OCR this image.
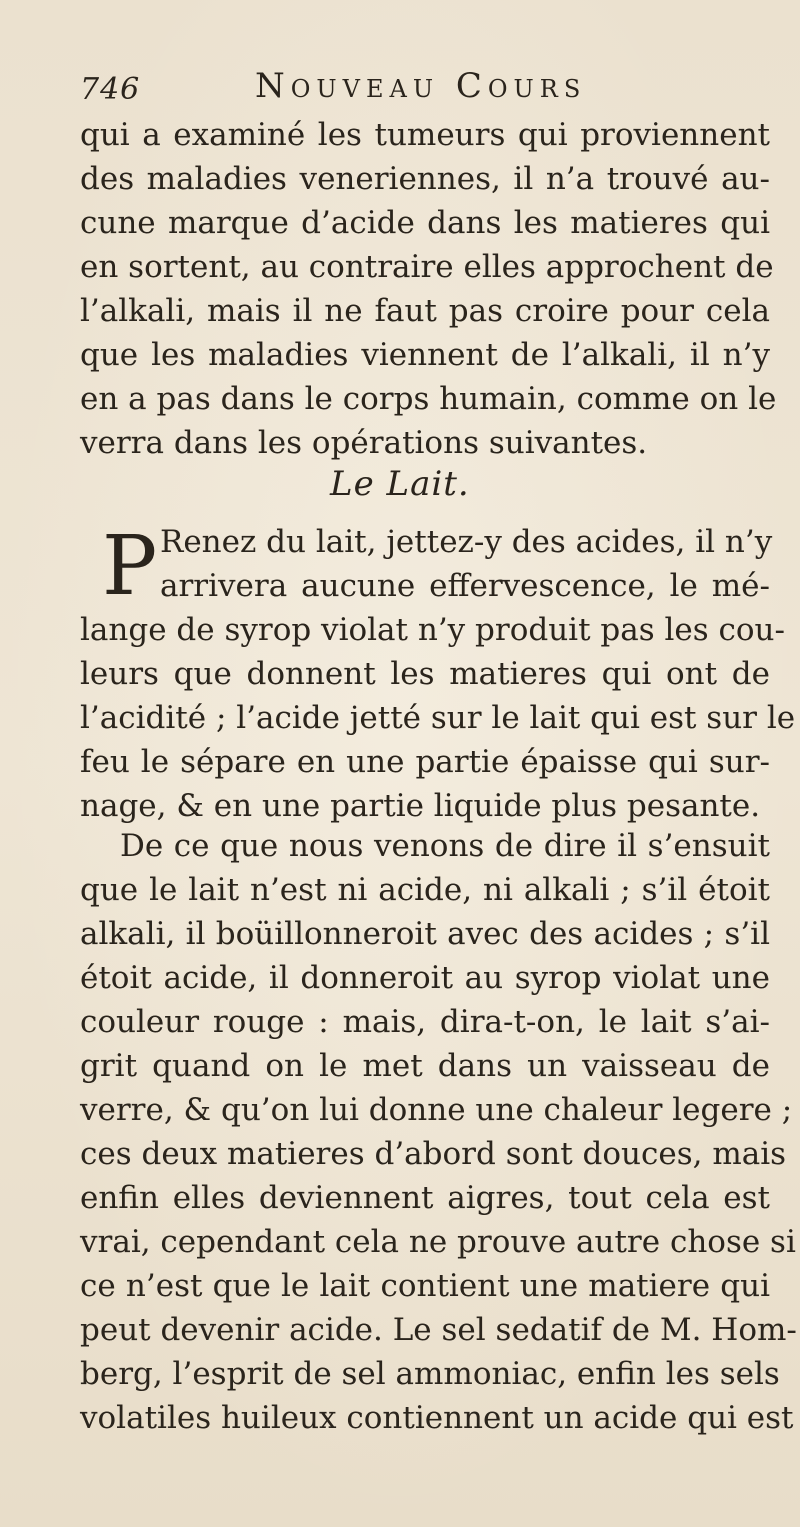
746	Nouveau Cours
qui a examiné les tumeurs qui proviennent
des maladies veneriennes, il n’a trouvé au-
cune marque d’acide dans les matieres qui
en sortent, au contraire elles approchent de
l’alkali, mais il ne faut pas croire pour cela
que les maladies viennent de l’alkali, il n’y
en a pas dans le corps humain, comme on le
verra dans les opérations suivantes.
Le Lait.
P Renez du lait, jettez-y des acides, il n’y
arrivera aucune effervescence, le mé-
lange de syrop violat n’y produit pas les cou-
leurs que donnent les matieres qui ont de
l’acidité ; l’acide jetté sur le lait qui est sur le
feu le sépare en une partie épaisse qui sur-
nage, & en une partie liquide plus pesante.
De ce que nous venons de dire il s’ensuit
que le lait n’est ni acide, ni alkali ; s’il étoit
alkali, il boüillonneroit avec des acides ; s’il
étoit acide, il donneroit au syrop violat une
couleur rouge : mais, dira-t-on, le lait s’ai-
grit quand on le met dans un vaisseau de
verre, & qu’on lui donne une chaleur legere ;
ces deux matieres d’abord sont douces, mais
enfin elles deviennent aigres, tout cela est
vrai, cependant cela ne prouve autre chose si
ce n’est que le lait contient une matiere qui
peut devenir acide. Le sel sedatif de M. Hom-
berg, l’esprit de sel ammoniac, enfin les sels
volatiles huileux contiennent un acide qui est
